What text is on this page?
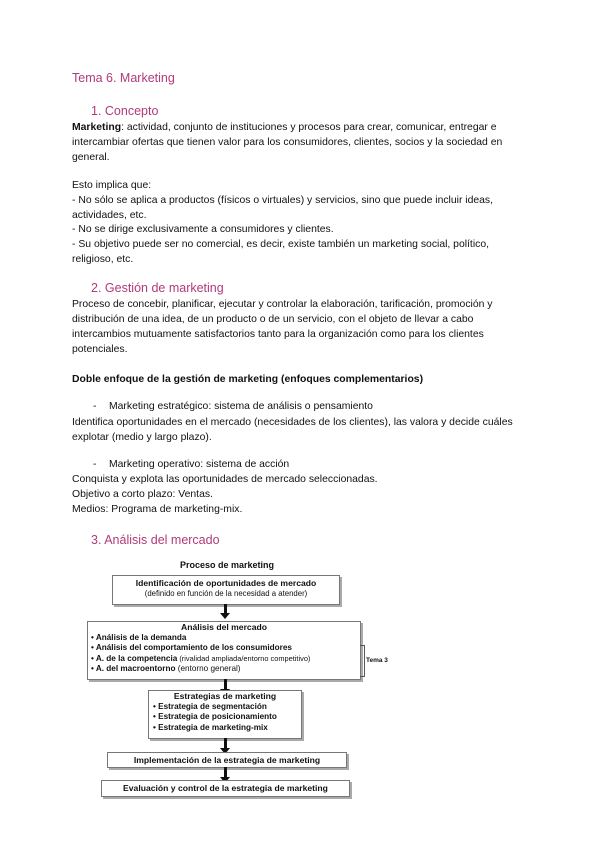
Tema 6. Marketing
1. Concepto
Marketing: actividad, conjunto de instituciones y procesos para crear, comunicar, entregar e intercambiar ofertas que tienen valor para los consumidores, clientes, socios y la sociedad en general.
Esto implica que:
- No sólo se aplica a productos (físicos o virtuales) y servicios, sino que puede incluir ideas, actividades, etc.
- No se dirige exclusivamente a consumidores y clientes.
- Su objetivo puede ser no comercial, es decir, existe también un marketing social, político, religioso, etc.
2. Gestión de marketing
Proceso de concebir, planificar, ejecutar y controlar la elaboración, tarificación, promoción y distribución de una idea, de un producto o de un servicio, con el objeto de llevar a cabo intercambios mutuamente satisfactorios tanto para la organización como para los clientes potenciales.
Doble enfoque de la gestión de marketing (enfoques complementarios)
- Marketing estratégico: sistema de análisis o pensamiento
Identifica oportunidades en el mercado (necesidades de los clientes), las valora y decide cuáles explotar (medio y largo plazo).
- Marketing operativo: sistema de acción
Conquista y explota las oportunidades de mercado seleccionadas.
Objetivo a corto plazo: Ventas.
Medios: Programa de marketing-mix.
3. Análisis del mercado
Proceso de marketing
Identificación de oportunidades de mercado
(definido en función de la necesidad a atender)
Análisis del mercado
• Análisis de la demanda
• Análisis del comportamiento de los consumidores
• A. de la competencia (rivalidad ampliada/entorno competitivo)
• A. del macroentorno (entorno general)
Tema 3
Estrategias de marketing
• Estrategia de segmentación
• Estrategia de posicionamiento
• Estrategia de marketing-mix
Implementación de la estrategia de marketing
Evaluación y control de la estrategia de marketing
